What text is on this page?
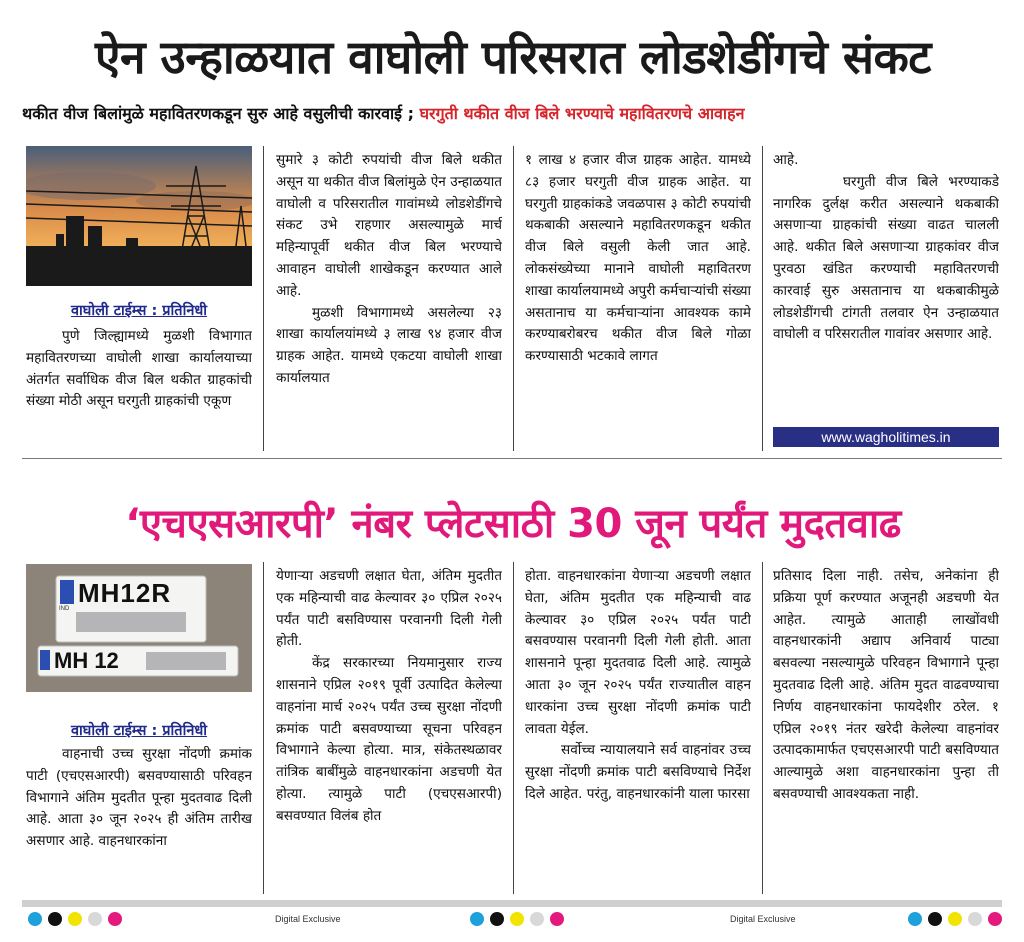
ऐन उन्हाळयात वाघोली परिसरात लोडशेडींगचे संकट
थकीत वीज बिलांमुळे महावितरणकडून सुरु आहे वसुलीची कारवाई ; घरगुती थकीत वीज बिले भरण्याचे महावितरणचे आवाहन
वाघोली टाईम्स : प्रतिनिधी

पुणे जिल्ह्यामध्ये मुळशी विभागात महावितरणच्या वाघोली शाखा कार्यालयाच्या अंतर्गत सर्वाधिक वीज बिल थकीत ग्राहकांची संख्या मोठी असून घरगुती ग्राहकांची एकूण

सुमारे ३ कोटी रुपयांची वीज बिले थकीत असून या थकीत वीज बिलांमुळे ऐन उन्हाळयात वाघोली व परिसरातील गावांमध्ये लोडशेडींगचे संकट उभे राहणार असल्यामुळे मार्च महिन्यापूर्वी थकीत वीज बिल भरण्याचे आवाहन वाघोली शाखेकडून करण्यात आले आहे.

मुळशी विभागामध्ये असलेल्या २३ शाखा कार्यालयांमध्ये ३ लाख ९४ हजार वीज ग्राहक आहेत. यामध्ये एकटया वाघोली शाखा कार्यालयात

१ लाख ४ हजार वीज ग्राहक आहेत. यामध्ये ८३ हजार घरगुती वीज ग्राहक आहेत. या घरगुती ग्राहकांकडे जवळपास ३ कोटी रुपयांची थकबाकी असल्याने महावितरणकडून थकीत वीज बिले वसुली केली जात आहे. लोकसंख्येच्या मानाने वाघोली महावितरण शाखा कार्यालयामध्ये अपुरी कर्मचाऱ्यांची संख्या असतानाच या कर्मचाऱ्यांना आवश्यक कामे करण्याबरोबरच थकीत वीज बिले गोळा करण्यासाठी भटकावे लागत

आहे.

घरगुती वीज बिले भरण्याकडे नागरिक दुर्लक्ष करीत असल्याने थकबाकी असणाऱ्या ग्राहकांची संख्या वाढत चालली आहे. थकीत बिले असणाऱ्या ग्राहकांवर वीज पुरवठा खंडित करण्याची महावितरणची कारवाई सुरु असतानाच या थकबाकीमुळे लोडशेडींगची टांगती तलवार ऐन उन्हाळयात वाघोली व परिसरातील गावांवर असणार आहे.

www.wagholitimes.in
‘एचएसआरपी’ नंबर प्लेटसाठी 30 जून पर्यंत मुदतवाढ
IND
MH12R
MH 12
वाघोली टाईम्स : प्रतिनिधी

वाहनाची उच्च सुरक्षा नोंदणी क्रमांक पाटी (एचएसआरपी) बसवण्यासाठी परिवहन विभागाने अंतिम मुदतीत पून्हा मुदतवाढ दिली आहे. आता ३० जून २०२५ ही अंतिम तारीख असणार आहे. वाहनधारकांना

येणाऱ्या अडचणी लक्षात घेता, अंतिम मुदतीत एक महिन्याची वाढ केल्यावर ३० एप्रिल २०२५ पर्यंत पाटी बसविण्यास परवानगी दिली गेली होती.

केंद्र सरकारच्या नियमानुसार राज्य शासनाने एप्रिल २०१९ पूर्वी उत्पादित केलेल्या वाहनांना मार्च २०२५ पर्यंत उच्च सुरक्षा नोंदणी क्रमांक पाटी बसवण्याच्या सूचना परिवहन विभागाने केल्या होत्या. मात्र, संकेतस्थळावर तांत्रिक बाबींमुळे वाहनधारकांना अडचणी येत होत्या. त्यामुळे पाटी (एचएसआरपी) बसवण्यात विलंब होत

होता. वाहनधारकांना येणाऱ्या अडचणी लक्षात घेता, अंतिम मुदतीत एक महिन्याची वाढ केल्यावर ३० एप्रिल २०२५ पर्यंत पाटी बसवण्यास परवानगी दिली गेली होती. आता शासनाने पून्हा मुदतवाढ दिली आहे. त्यामुळे आता ३० जून २०२५ पर्यंत राज्यातील वाहन धारकांना उच्च सुरक्षा नोंदणी क्रमांक पाटी लावता येईल.

सर्वोच्च न्यायालयाने सर्व वाहनांवर उच्च सुरक्षा नोंदणी क्रमांक पाटी बसविण्याचे निर्देश दिले आहेत. परंतु, वाहनधारकांनी याला फारसा

प्रतिसाद दिला नाही. तसेच, अनेकांना ही प्रक्रिया पूर्ण करण्यात अजूनही अडचणी येत आहेत. त्यामुळे आताही लाखोंवधी वाहनधारकांनी अद्याप अनिवार्य पाट्या बसवल्या नसल्यामुळे परिवहन विभागाने पून्हा मुदतवाढ दिली आहे. अंतिम मुदत वाढवण्याचा निर्णय वाहनधारकांना फायदेशीर ठरेल. १ एप्रिल २०१९ नंतर खरेदी केलेल्या वाहनांवर उत्पादकामार्फत एचएसआरपी पाटी बसविण्यात आल्यामुळे अशा वाहनधारकांना पुन्हा ती बसवण्याची आवश्यकता नाही.

Digital Exclusive	Digital Exclusive
